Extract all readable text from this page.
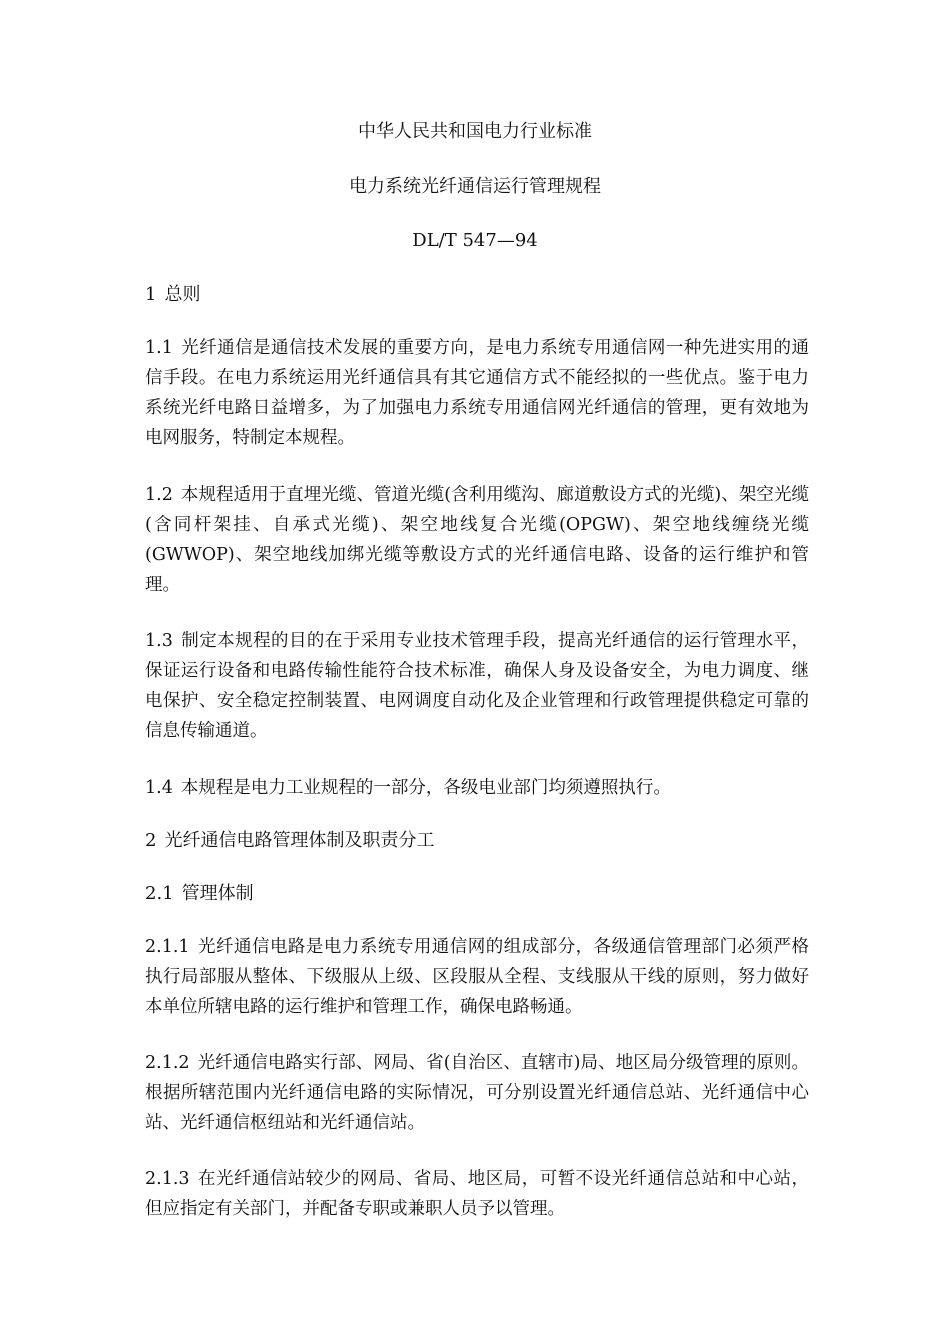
中华人民共和国电力行业标准
电力系统光纤通信运行管理规程
DL/T 547—94
1 总则
1.1 光纤通信是通信技术发展的重要方向，是电力系统专用通信网一种先进实用的通信手段。在电力系统运用光纤通信具有其它通信方式不能经拟的一些优点。鉴于电力系统光纤电路日益增多，为了加强电力系统专用通信网光纤通信的管理，更有效地为电网服务，特制定本规程。
1.2 本规程适用于直埋光缆、管道光缆(含利用缆沟、廊道敷设方式的光缆)、架空光缆(含同杆架挂、自承式光缆)、架空地线复合光缆(OPGW)、架空地线缠绕光缆(GWWOP)、架空地线加绑光缆等敷设方式的光纤通信电路、设备的运行维护和管理。
1.3 制定本规程的目的在于采用专业技术管理手段，提高光纤通信的运行管理水平，保证运行设备和电路传输性能符合技术标准，确保人身及设备安全，为电力调度、继电保护、安全稳定控制装置、电网调度自动化及企业管理和行政管理提供稳定可靠的信息传输通道。
1.4 本规程是电力工业规程的一部分，各级电业部门均须遵照执行。
2 光纤通信电路管理体制及职责分工
2.1 管理体制
2.1.1 光纤通信电路是电力系统专用通信网的组成部分，各级通信管理部门必须严格执行局部服从整体、下级服从上级、区段服从全程、支线服从干线的原则，努力做好本单位所辖电路的运行维护和管理工作，确保电路畅通。
2.1.2 光纤通信电路实行部、网局、省(自治区、直辖市)局、地区局分级管理的原则。根据所辖范围内光纤通信电路的实际情况，可分别设置光纤通信总站、光纤通信中心站、光纤通信枢纽站和光纤通信站。
2.1.3 在光纤通信站较少的网局、省局、地区局，可暂不设光纤通信总站和中心站，但应指定有关部门，并配备专职或兼职人员予以管理。
